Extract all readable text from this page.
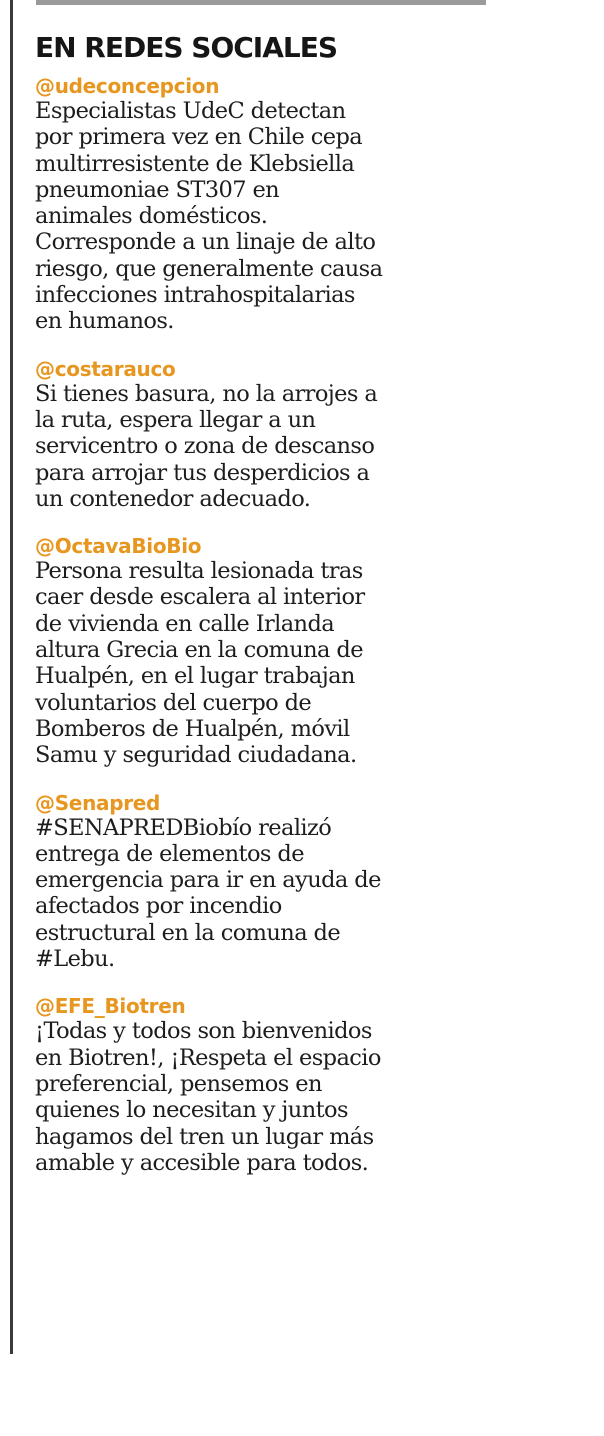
EN REDES SOCIALES
@udeconcepcion
Especialistas UdeC detectan
por primera vez en Chile cepa
multirresistente de Klebsiella
pneumoniae ST307 en
animales domésticos.
Corresponde a un linaje de alto
riesgo, que generalmente causa
infecciones intrahospitalarias
en humanos.
@costarauco
Si tienes basura, no la arrojes a
la ruta, espera llegar a un
servicentro o zona de descanso
para arrojar tus desperdicios a
un contenedor adecuado.
@OctavaBioBio
Persona resulta lesionada tras
caer desde escalera al interior
de vivienda en calle Irlanda
altura Grecia en la comuna de
Hualpén, en el lugar trabajan
voluntarios del cuerpo de
Bomberos de Hualpén, móvil
Samu y seguridad ciudadana.
@Senapred
#SENAPREDBiobío realizó
entrega de elementos de
emergencia para ir en ayuda de
afectados por incendio
estructural en la comuna de
#Lebu.
@EFE_Biotren
¡Todas y todos son bienvenidos
en Biotren!, ¡Respeta el espacio
preferencial, pensemos en
quienes lo necesitan y juntos
hagamos del tren un lugar más
amable y accesible para todos.
